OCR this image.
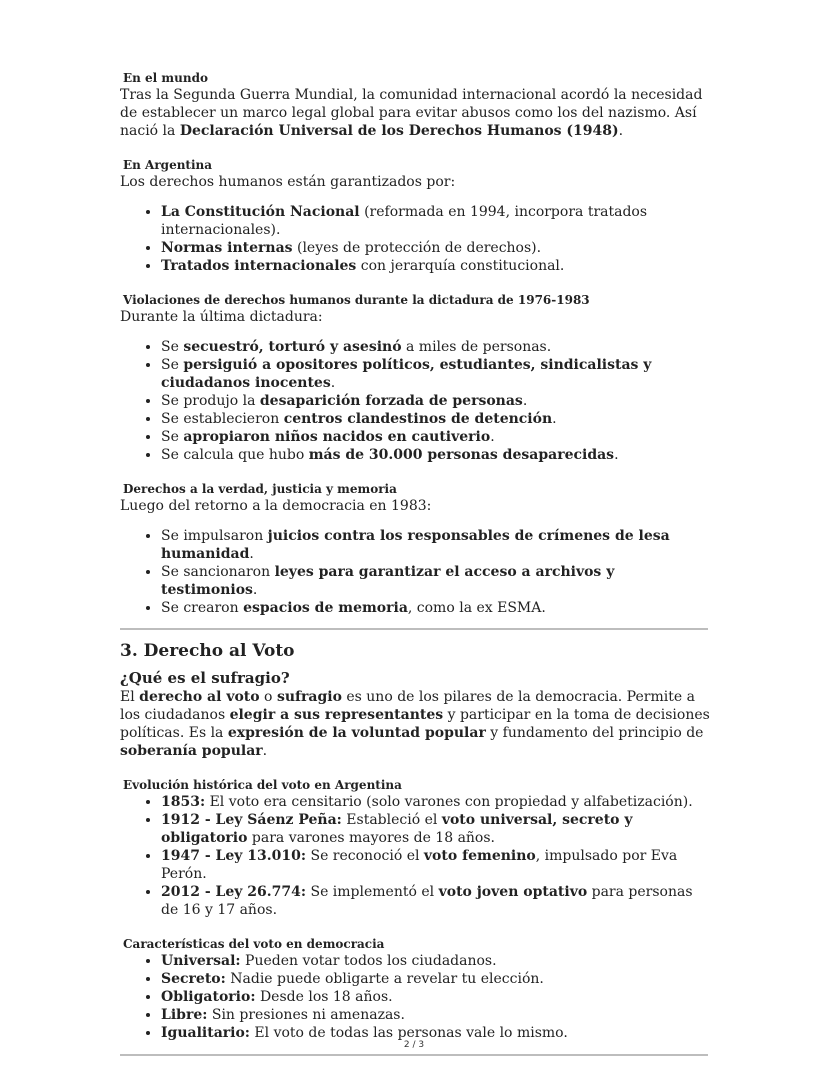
En el mundo

Tras la Segunda Guerra Mundial, la comunidad internacional acordó la necesidad de establecer un marco legal global para evitar abusos como los del nazismo. Así nació la Declaración Universal de los Derechos Humanos (1948).

En Argentina

Los derechos humanos están garantizados por:

• La Constitución Nacional (reformada en 1994, incorpora tratados internacionales).
• Normas internas (leyes de protección de derechos).
• Tratados internacionales con jerarquía constitucional.
Violaciones de derechos humanos durante la dictadura de 1976-1983

Durante la última dictadura:

• Se secuestró, torturó y asesinó a miles de personas.
• Se persiguió a opositores políticos, estudiantes, sindicalistas y ciudadanos inocentes.
• Se produjo la desaparición forzada de personas.
• Se establecieron centros clandestinos de detención.
• Se apropiaron niños nacidos en cautiverio.
• Se calcula que hubo más de 30.000 personas desaparecidas.
Derechos a la verdad, justicia y memoria

Luego del retorno a la democracia en 1983:

• Se impulsaron juicios contra los responsables de crímenes de lesa humanidad.
• Se sancionaron leyes para garantizar el acceso a archivos y testimonios.
• Se crearon espacios de memoria, como la ex ESMA.
3. Derecho al Voto
¿Qué es el sufragio?

El derecho al voto o sufragio es uno de los pilares de la democracia. Permite a los ciudadanos elegir a sus representantes y participar en la toma de decisiones políticas. Es la expresión de la voluntad popular y fundamento del principio de soberanía popular.

Evolución histórica del voto en Argentina
• 1853: El voto era censitario (solo varones con propiedad y alfabetización).
• 1912 - Ley Sáenz Peña: Estableció el voto universal, secreto y obligatorio para varones mayores de 18 años.
• 1947 - Ley 13.010: Se reconoció el voto femenino, impulsado por Eva Perón.
• 2012 - Ley 26.774: Se implementó el voto joven optativo para personas de 16 y 17 años.
Características del voto en democracia
• Universal: Pueden votar todos los ciudadanos.
• Secreto: Nadie puede obligarte a revelar tu elección.
• Obligatorio: Desde los 18 años.
• Libre: Sin presiones ni amenazas.
• Igualitario: El voto de todas las personas vale lo mismo.
2 / 3
